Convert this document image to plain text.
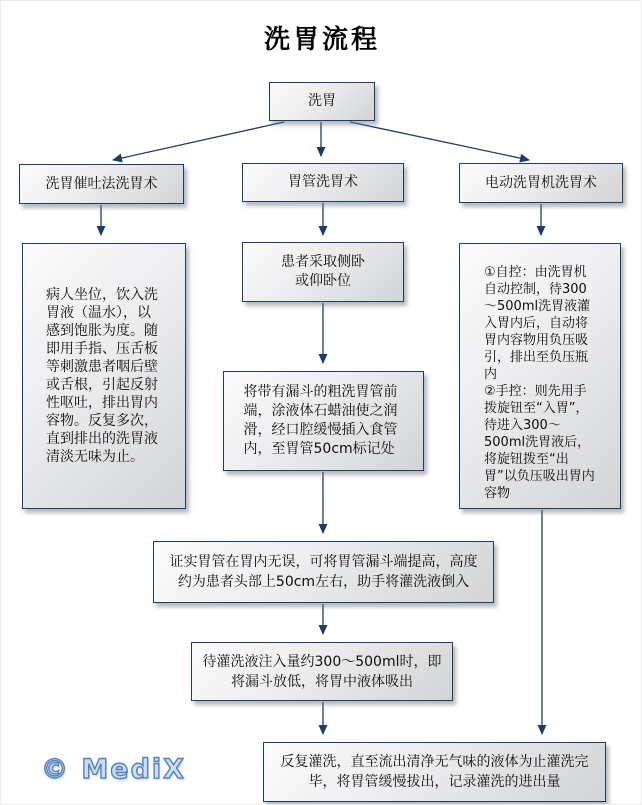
洗胃流程

洗胃

洗胃催吐法洗胃术	胃管洗胃术	电动洗胃机洗胃术

病人坐位，饮入洗胃液（温水），以感到饱胀为度。随即用手指、压舌板等刺激患者咽后壁或舌根，引起反射性呕吐，排出胃内容物。反复多次，直到排出的洗胃液清淡无味为止。

患者采取侧卧或仰卧位

将带有漏斗的粗洗胃管前端，涂液体石蜡油使之润滑，经口腔缓慢插入食管内，至胃管50cm标记处

①自控：由洗胃机自动控制，待300～500ml洗胃液灌入胃内后，自动将胃内容物用负压吸引，排出至负压瓶内

②手控：则先用手拨旋钮至“入胃”，待进入300～500ml洗胃液后，将旋钮拨至“出胃”以负压吸出胃内容物

证实胃管在胃内无误，可将胃管漏斗端提高，高度约为患者头部上50cm左右，助手将灌洗液倒入

待灌洗液注入量约300～500ml时，即将漏斗放低，将胃中液体吸出

反复灌洗，直至流出清净无气味的液体为止灌洗完毕，将胃管缓慢拔出，记录灌洗的进出量

© MediX
